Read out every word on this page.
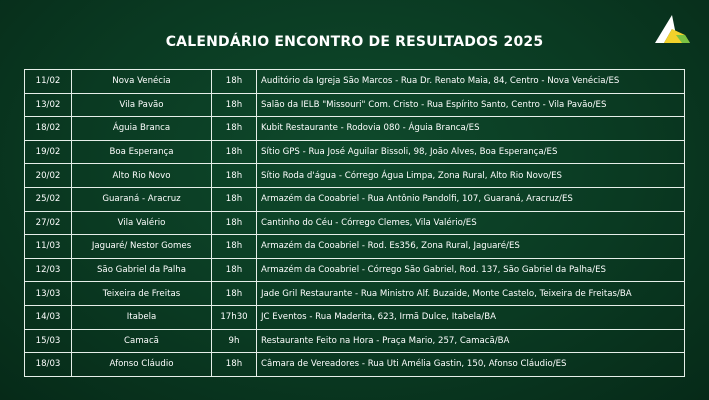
CALENDÁRIO ENCONTRO DE RESULTADOS 2025
11/02	Nova Venécia	18h	Auditório da Igreja São Marcos - Rua Dr. Renato Maia, 84, Centro - Nova Venécia/ES
13/02	Vila Pavão	18h	Salão da IELB "Missouri" Com. Cristo - Rua Espírito Santo, Centro - Vila Pavão/ES
18/02	Águia Branca	18h	Kubit Restaurante - Rodovia 080 - Águia Branca/ES
19/02	Boa Esperança	18h	Sítio GPS - Rua José Aguilar Bissoli, 98, João Alves, Boa Esperança/ES
20/02	Alto Rio Novo	18h	Sítio Roda d'água - Córrego Água Limpa, Zona Rural, Alto Rio Novo/ES
25/02	Guaraná - Aracruz	18h	Armazém da Cooabriel - Rua Antônio Pandolfi, 107, Guaraná, Aracruz/ES
27/02	Vila Valério	18h	Cantinho do Céu - Córrego Clemes, Vila Valério/ES
11/03	Jaguaré/ Nestor Gomes	18h	Armazém da Cooabriel - Rod. Es356, Zona Rural, Jaguaré/ES
12/03	São Gabriel da Palha	18h	Armazém da Cooabriel - Córrego São Gabriel, Rod. 137, São Gabriel da Palha/ES
13/03	Teixeira de Freitas	18h	Jade Gril Restaurante - Rua Ministro Alf. Buzaide, Monte Castelo, Teixeira de Freitas/BA
14/03	Itabela	17h30	JC Eventos - Rua Maderita, 623, Irmã Dulce, Itabela/BA
15/03	Camacã	9h	Restaurante Feito na Hora - Praça Mario, 257, Camacã/BA
18/03	Afonso Cláudio	18h	Câmara de Vereadores - Rua Uti Amélia Gastin, 150, Afonso Cláudio/ES
